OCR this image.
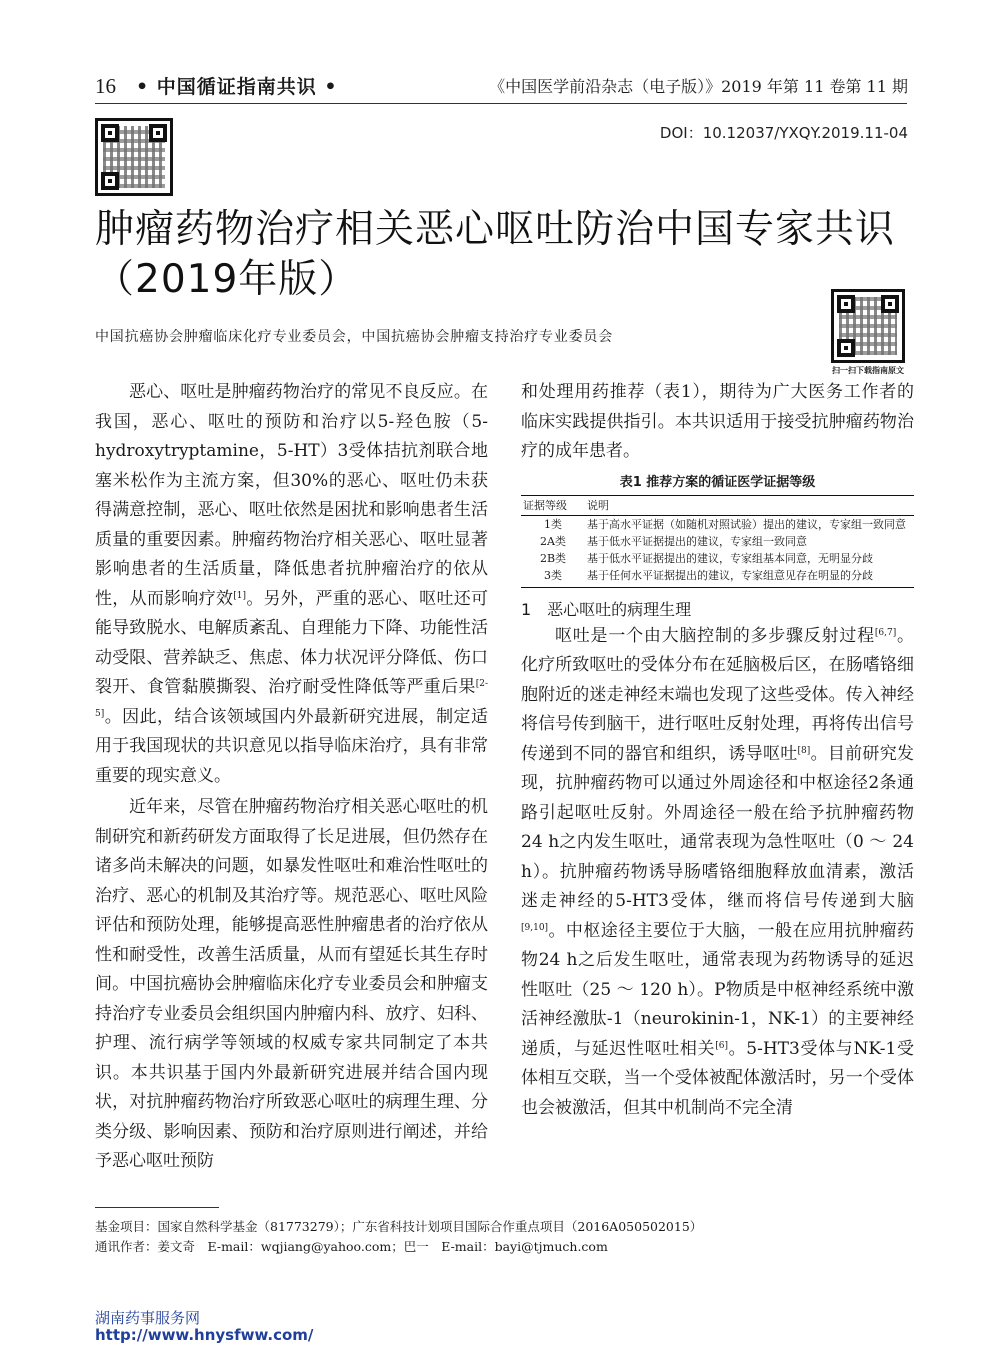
16 • 中国循证指南共识 •	《中国医学前沿杂志（电子版）》2019 年第 11 卷第 11 期
DOI：10.12037/YXQY.2019.11-04
肿瘤药物治疗相关恶心呕吐防治中国专家共识
（2019年版）
扫一扫下载指南原文
中国抗癌协会肿瘤临床化疗专业委员会，中国抗癌协会肿瘤支持治疗专业委员会

恶心、呕吐是肿瘤药物治疗的常见不良反应。在我国，恶心、呕吐的预防和治疗以5-羟色胺（5-hydroxytryptamine，5-HT）3受体拮抗剂联合地塞米松作为主流方案，但30%的恶心、呕吐仍未获得满意控制，恶心、呕吐依然是困扰和影响患者生活质量的重要因素。肿瘤药物治疗相关恶心、呕吐显著影响患者的生活质量，降低患者抗肿瘤治疗的依从性，从而影响疗效[1]。另外，严重的恶心、呕吐还可能导致脱水、电解质紊乱、自理能力下降、功能性活动受限、营养缺乏、焦虑、体力状况评分降低、伤口裂开、食管黏膜撕裂、治疗耐受性降低等严重后果[2-5]。因此，结合该领域国内外最新研究进展，制定适用于我国现状的共识意见以指导临床治疗，具有非常重要的现实意义。

近年来，尽管在肿瘤药物治疗相关恶心呕吐的机制研究和新药研发方面取得了长足进展，但仍然存在诸多尚未解决的问题，如暴发性呕吐和难治性呕吐的治疗、恶心的机制及其治疗等。规范恶心、呕吐风险评估和预防处理，能够提高恶性肿瘤患者的治疗依从性和耐受性，改善生活质量，从而有望延长其生存时间。中国抗癌协会肿瘤临床化疗专业委员会和肿瘤支持治疗专业委员会组织国内肿瘤内科、放疗、妇科、护理、流行病学等领域的权威专家共同制定了本共识。本共识基于国内外最新研究进展并结合国内现状，对抗肿瘤药物治疗所致恶心呕吐的病理生理、分类分级、影响因素、预防和治疗原则进行阐述，并给予恶心呕吐预防

和处理用药推荐（表1），期待为广大医务工作者的临床实践提供指引。本共识适用于接受抗肿瘤药物治疗的成年患者。

表1 推荐方案的循证医学证据等级
证据等级	说明
1类	基于高水平证据（如随机对照试验）提出的建议，专家组一致同意
2A类	基于低水平证据提出的建议，专家组一致同意
2B类	基于低水平证据提出的建议，专家组基本同意，无明显分歧
3类	基于任何水平证据提出的建议，专家组意见存在明显的分歧

1　恶心呕吐的病理生理

呕吐是一个由大脑控制的多步骤反射过程[6,7]。化疗所致呕吐的受体分布在延脑极后区，在肠嗜铬细胞附近的迷走神经末端也发现了这些受体。传入神经将信号传到脑干，进行呕吐反射处理，再将传出信号传递到不同的器官和组织，诱导呕吐[8]。目前研究发现，抗肿瘤药物可以通过外周途径和中枢途径2条通路引起呕吐反射。外周途径一般在给予抗肿瘤药物24 h之内发生呕吐，通常表现为急性呕吐（0 ～ 24 h）。抗肿瘤药物诱导肠嗜铬细胞释放血清素，激活迷走神经的5-HT3受体，继而将信号传递到大脑[9,10]。中枢途径主要位于大脑，一般在应用抗肿瘤药物24 h之后发生呕吐，通常表现为药物诱导的延迟性呕吐（25 ～ 120 h）。P物质是中枢神经系统中激活神经激肽-1（neurokinin-1，NK-1）的主要神经递质，与延迟性呕吐相关[6]。5-HT3受体与NK-1受体相互交联，当一个受体被配体激活时，另一个受体也会被激活，但其中机制尚不完全清

基金项目：国家自然科学基金（81773279）；广东省科技计划项目国际合作重点项目（2016A050502015）
通讯作者：姜文奇　E-mail：wqjiang@yahoo.com；巴一　E-mail：bayi@tjmuch.com
湖南药事服务网
http://www.hnysfww.com/
